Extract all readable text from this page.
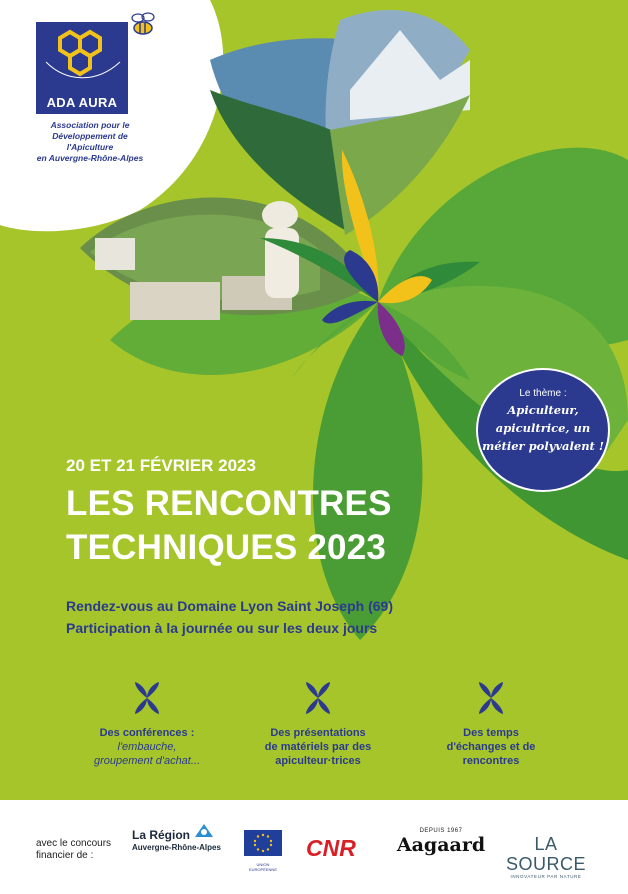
ADA AURA
Association pour le
Développement de l'Apiculture
en Auvergne-Rhône-Alpes
Le thème :
Apiculteur,
apicultrice, un
métier polyvalent !
20 ET 21 FÉVRIER 2023
LES RENCONTRES
TECHNIQUES 2023
Rendez-vous au Domaine Lyon Saint Joseph (69)
Participation à la journée ou sur les deux jours
Des conférences :
l'embauche,
groupement d'achat...
Des présentations
de matériels par des
apiculteur·trices
Des temps
d'échanges et de
rencontres
avec le concours
financier de :
La Région
Auvergne-Rhône-Alpes
UNION EUROPÉENNE
CNR
DEPUIS 1967
Aagaard	LA SOURCE
INNOVATEUR PAR NATURE
